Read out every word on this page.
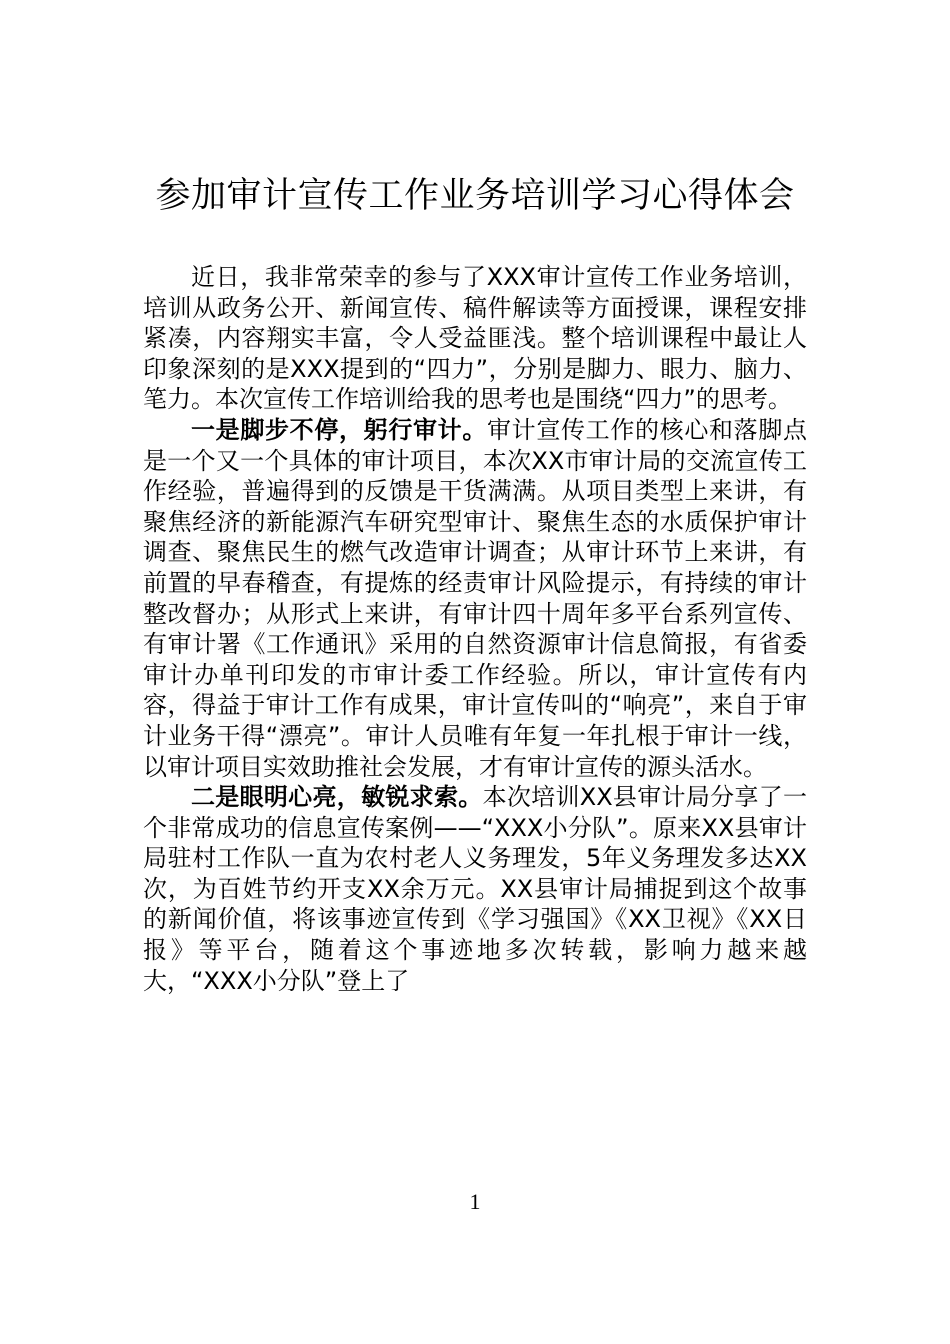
参加审计宣传工作业务培训学习心得体会

近日，我非常荣幸的参与了XXX审计宣传工作业务培训，培训从政务公开、新闻宣传、稿件解读等方面授课，课程安排紧凑，内容翔实丰富，令人受益匪浅。整个培训课程中最让人印象深刻的是XXX提到的“四力”，分别是脚力、眼力、脑力、笔力。本次宣传工作培训给我的思考也是围绕“四力”的思考。

一是脚步不停，躬行审计。审计宣传工作的核心和落脚点是一个又一个具体的审计项目，本次XX市审计局的交流宣传工作经验，普遍得到的反馈是干货满满。从项目类型上来讲，有聚焦经济的新能源汽车研究型审计、聚焦生态的水质保护审计调查、聚焦民生的燃气改造审计调查；从审计环节上来讲，有前置的早春稽查，有提炼的经责审计风险提示，有持续的审计整改督办；从形式上来讲，有审计四十周年多平台系列宣传、有审计署《工作通讯》采用的自然资源审计信息简报，有省委审计办单刊印发的市审计委工作经验。所以，审计宣传有内容，得益于审计工作有成果，审计宣传叫的“响亮”，来自于审计业务干得“漂亮”。审计人员唯有年复一年扎根于审计一线，以审计项目实效助推社会发展，才有审计宣传的源头活水。

二是眼明心亮，敏锐求索。本次培训XX县审计局分享了一个非常成功的信息宣传案例——“XXX小分队”。原来XX县审计局驻村工作队一直为农村老人义务理发，5年义务理发多达XX次，为百姓节约开支XX余万元。XX县审计局捕捉到这个故事的新闻价值，将该事迹宣传到《学习强国》《XX卫视》《XX日报》等平台，随着这个事迹地多次转载，影响力越来越大，“XXX小分队”登上了

1
